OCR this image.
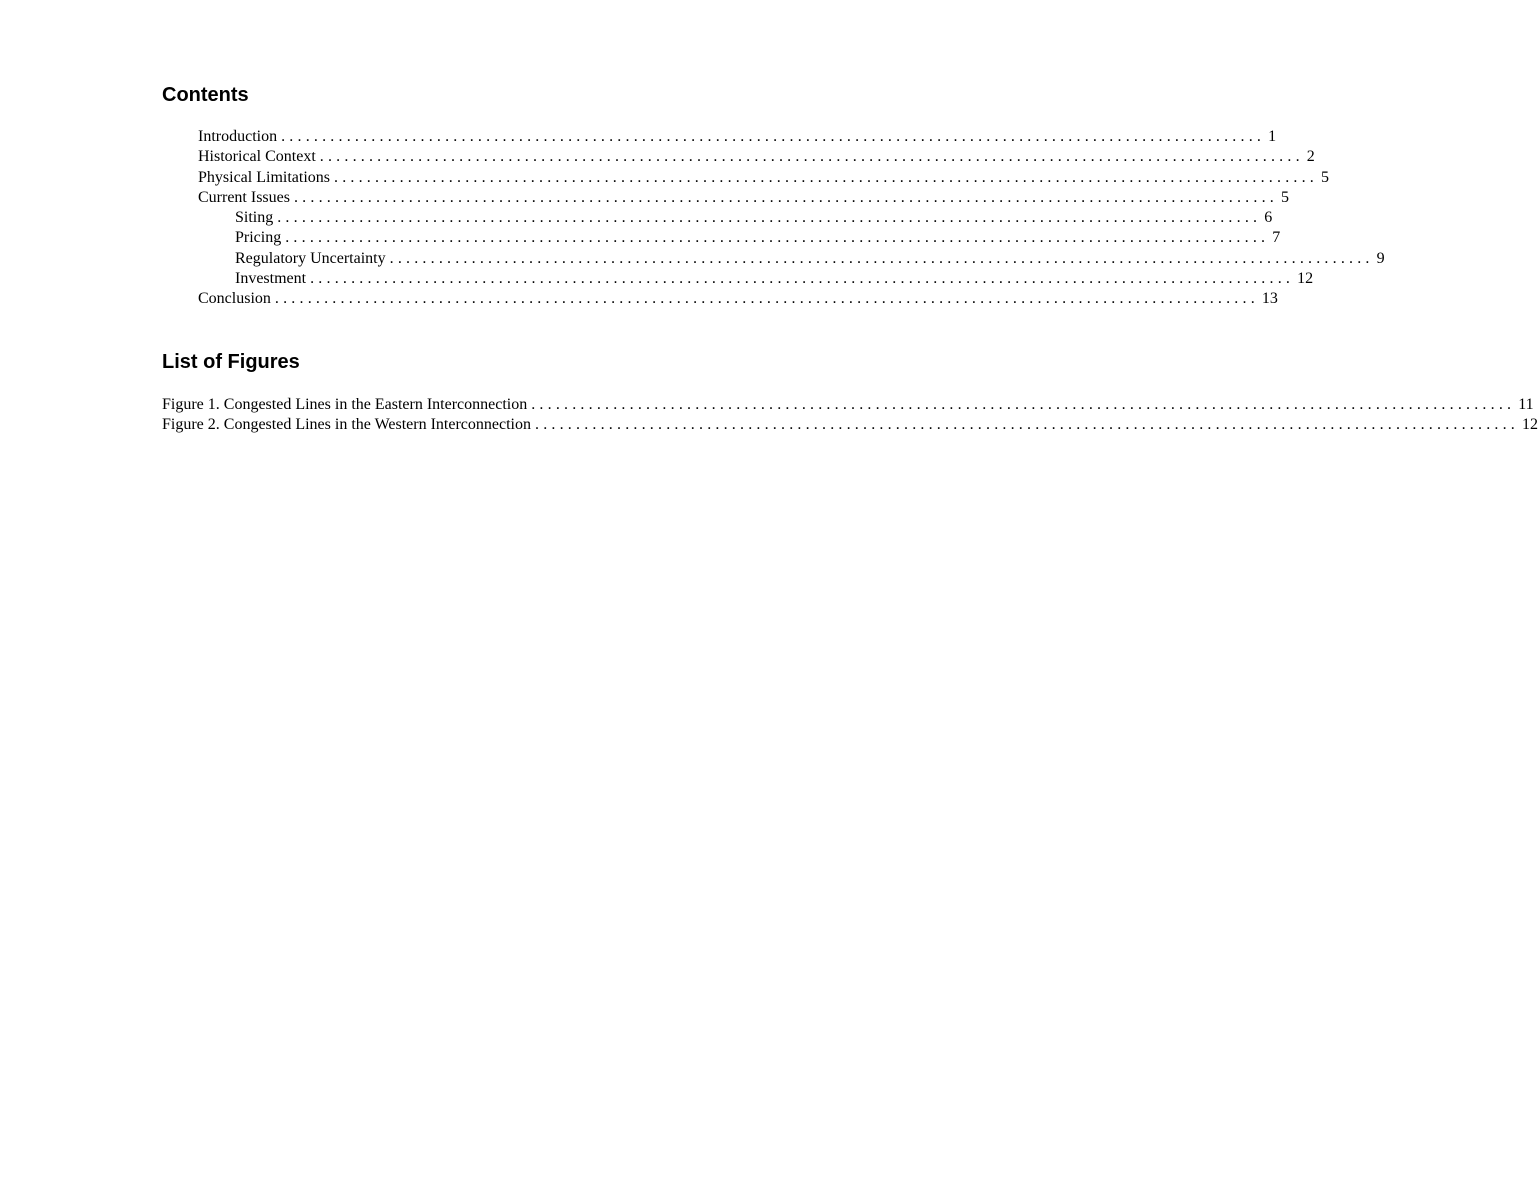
Contents
Introduction ........................................................................................................................ 1
Historical Context ........................................................................................................................ 2
Physical Limitations ........................................................................................................................ 5
Current Issues ........................................................................................................................ 5
Siting ........................................................................................................................ 6
Pricing ........................................................................................................................ 7
Regulatory Uncertainty ........................................................................................................................ 9
Investment ........................................................................................................................ 12
Conclusion ........................................................................................................................ 13
List of Figures
Figure 1. Congested Lines in the Eastern Interconnection ........................................................................................................................ 11
Figure 2. Congested Lines in the Western Interconnection ........................................................................................................................ 12
